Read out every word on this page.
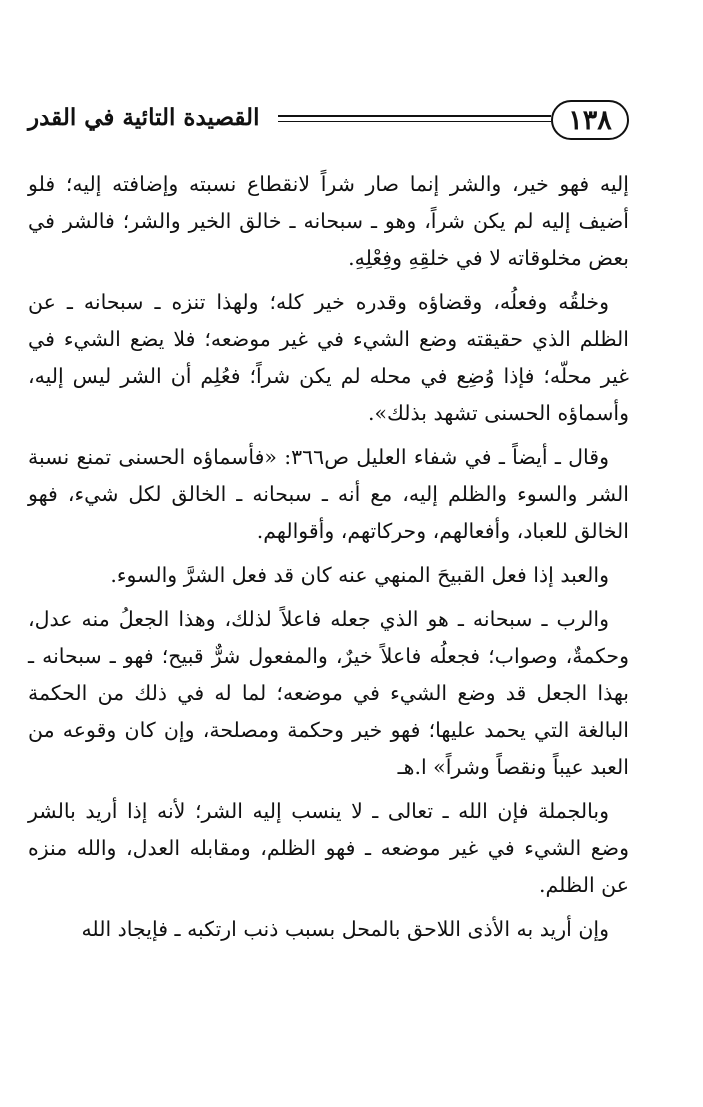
١٣٨
القصيدة التائية في القدر

إليه فهو خير، والشر إنما صار شراً لانقطاع نسبته وإضافته إليه؛ فلو أضيف إليه لم يكن شراً، وهو ـ سبحانه ـ خالق الخير والشر؛ فالشر في بعض مخلوقاته لا في خلقِهِ وفِعْلِهِ.

وخلقُه وفعلُه، وقضاؤه وقدره خير كله؛ ولهذا تنزه ـ سبحانه ـ عن الظلم الذي حقيقته وضع الشيء في غير موضعه؛ فلا يضع الشيء في غير محلّه؛ فإذا وُضِع في محله لم يكن شراً؛ فعُلِم أن الشر ليس إليه، وأسماؤه الحسنى تشهد بذلك».

وقال ـ أيضاً ـ في شفاء العليل ص٣٦٦: «فأسماؤه الحسنى تمنع نسبة الشر والسوء والظلم إليه، مع أنه ـ سبحانه ـ الخالق لكل شيء، فهو الخالق للعباد، وأفعالهم، وحركاتهم، وأقوالهم.

والعبد إذا فعل القبيحَ المنهي عنه كان قد فعل الشرَّ والسوء.

والرب ـ سبحانه ـ هو الذي جعله فاعلاً لذلك، وهذا الجعلُ منه عدل، وحكمةٌ، وصواب؛ فجعلُه فاعلاً خيرٌ، والمفعول شرٌّ قبيح؛ فهو ـ سبحانه ـ بهذا الجعل قد وضع الشيء في موضعه؛ لما له في ذلك من الحكمة البالغة التي يحمد عليها؛ فهو خير وحكمة ومصلحة، وإن كان وقوعه من العبد عيباً ونقصاً وشراً» ا.هـ

وبالجملة فإن الله ـ تعالى ـ لا ينسب إليه الشر؛ لأنه إذا أريد بالشر وضع الشيء في غير موضعه ـ فهو الظلم، ومقابله العدل، والله منزه عن الظلم.

وإن أريد به الأذى اللاحق بالمحل بسبب ذنب ارتكبه ـ فإيجاد الله
